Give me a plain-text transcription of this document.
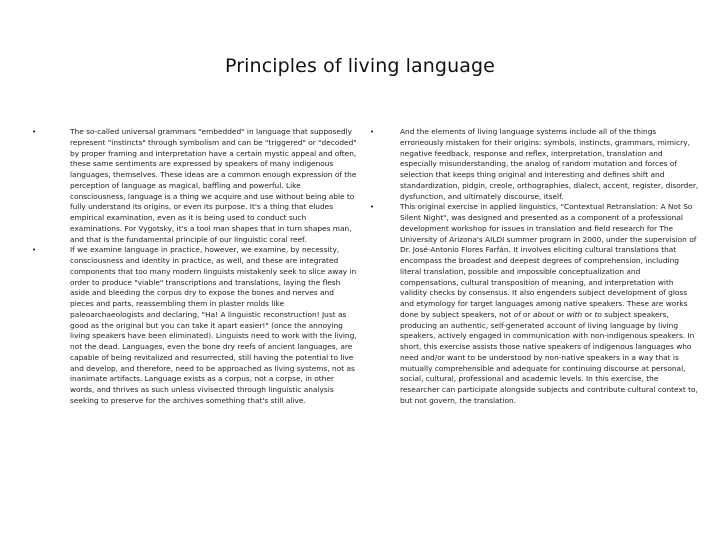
Principles of living language
•	The so-called universal grammars "embedded" in language that supposedly represent "instincts" through symbolism and can be "triggered" or "decoded" by proper framing and interpretation have a certain mystic appeal and often, these same sentiments are expressed by speakers of many indigenous languages, themselves. These ideas are a common enough expression of the perception of language as magical, baffling and powerful. Like consciousness, language is a thing we acquire and use without being able to fully understand its origins, or even its purpose. It's a thing that eludes empirical examination, even as it is being used to conduct such examinations. For Vygotsky, it's a tool man shapes that in turn shapes man, and that is the fundamental principle of our linguistic coral reef.
•	If we examine language in practice, however, we examine, by necessity, consciousness and identity in practice, as well, and these are integrated components that too many modern linguists mistakenly seek to slice away in order to produce "viable" transcriptions and translations, laying the flesh aside and bleeding the corpus dry to expose the bones and nerves and pieces and parts, reassembling them in plaster molds like paleoarchaeologists and declaring, "Ha! A linguistic reconstruction! Just as good as the original but you can take it apart easier!" (once the annoying living speakers have been eliminated). Linguists need to work with the living, not the dead. Languages, even the bone dry reefs of ancient languages, are capable of being revitalized and resurrected, still having the potential to live and develop, and therefore, need to be approached as living systems, not as inanimate artifacts. Language exists as a corpus, not a corpse, in other words, and thrives as such unless vivisected through linguistic analysis seeking to preserve for the archives something that's still alive.
•	And the elements of living language systems include all of the things erroneously mistaken for their origins: symbols, instincts, grammars, mimicry, negative feedback, response and reflex, interpretation, translation and especially misunderstanding, the analog of random mutation and forces of selection that keeps thing original and interesting and defines shift and standardization, pidgin, creole, orthographies, dialect, accent, register, disorder, dysfunction, and ultimately discourse, itself.
•	This original exercise in applied linguistics, "Contextual Retranslation: A Not So Silent Night", was designed and presented as a component of a professional development workshop for issues in translation and field research for The University of Arizona's AILDI summer program in 2000, under the supervision of Dr. José-Antonio Flores Farfán. It involves eliciting cultural translations that encompass the broadest and deepest degrees of comprehension, including literal translation, possible and impossible conceptualization and compensations, cultural transposition of meaning, and interpretation with validity checks by consensus. It also engenders subject development of gloss and etymology for target languages among native speakers. These are works done by subject speakers, not of or about or with or to subject speakers, producing an authentic, self-generated account of living language by living speakers, actively engaged in communication with non-indigenous speakers. In short, this exercise assists those native speakers of indigenous languages who need and/or want to be understood by non-native speakers in a way that is mutually comprehensible and adequate for continuing discourse at personal, social, cultural, professional and academic levels. In this exercise, the researcher can participate alongside subjects and contribute cultural context to, but not govern, the translation.
